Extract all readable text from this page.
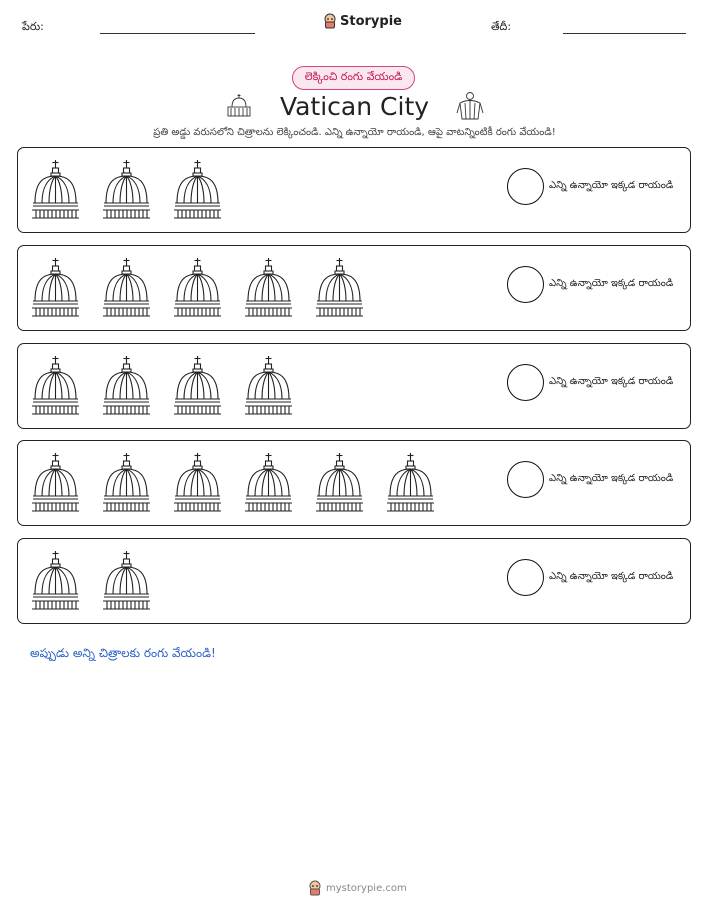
పేరు:	Storypie	తేదీ:
లెక్కించి రంగు వేయండి
Vatican City
ప్రతి అడ్డు వరుసలోని చిత్రాలను లెక్కించండి. ఎన్ని ఉన్నాయో రాయండి, ఆపై వాటన్నింటికీ రంగు వేయండి!
ఎన్ని ఉన్నాయో ఇక్కడ రాయండి
ఎన్ని ఉన్నాయో ఇక్కడ రాయండి
ఎన్ని ఉన్నాయో ఇక్కడ రాయండి
ఎన్ని ఉన్నాయో ఇక్కడ రాయండి
ఎన్ని ఉన్నాయో ఇక్కడ రాయండి
అప్పుడు అన్ని చిత్రాలకు రంగు వేయండి!
mystorypie.com
